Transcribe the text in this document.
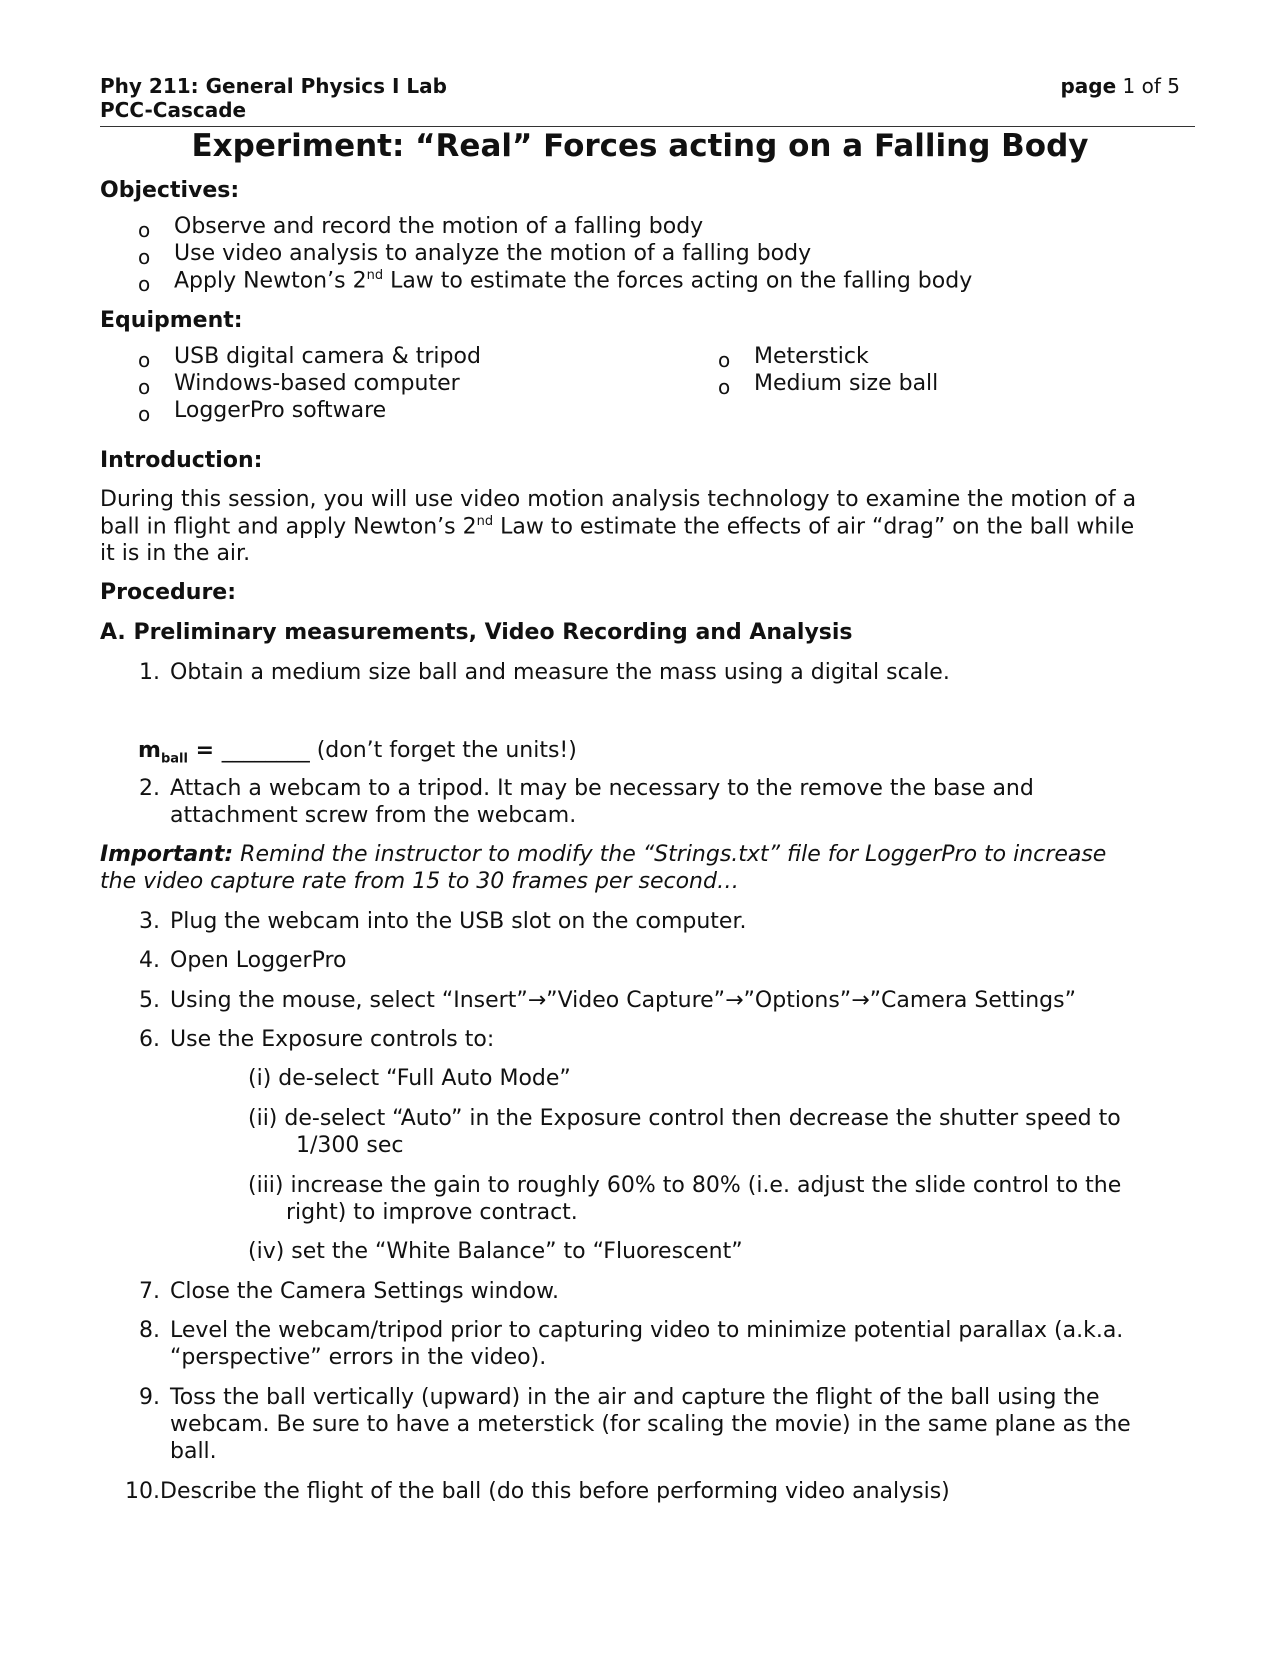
Phy 211: General Physics I Lab
PCC-Cascade
page 1 of 5
Experiment: “Real” Forces acting on a Falling Body
Objectives:
o Observe and record the motion of a falling body
o Use video analysis to analyze the motion of a falling body
o Apply Newton’s 2nd Law to estimate the forces acting on the falling body
Equipment:
o USB digital camera & tripod
o Windows-based computer
o LoggerPro software
o Meterstick
o Medium size ball
Introduction:
During this session, you will use video motion analysis technology to examine the motion of a
ball in flight and apply Newton’s 2nd Law to estimate the effects of air “drag” on the ball while
it is in the air.
Procedure:
A. Preliminary measurements, Video Recording and Analysis
1. Obtain a medium size ball and measure the mass using a digital scale.
$m_{ball}$ = ________ (don’t forget the units!)
2. Attach a webcam to a tripod. It may be necessary to the remove the base and
attachment screw from the webcam.
Important: Remind the instructor to modify the “Strings.txt” file for LoggerPro to increase
the video capture rate from 15 to 30 frames per second…
3. Plug the webcam into the USB slot on the computer.
4. Open LoggerPro
5. Using the mouse, select “Insert”→”Video Capture”→”Options”→”Camera Settings”
6. Use the Exposure controls to:
(i) de-select “Full Auto Mode”
(ii) de-select “Auto” in the Exposure control then decrease the shutter speed to
1/300 sec
(iii) increase the gain to roughly 60% to 80% (i.e. adjust the slide control to the
right) to improve contract.
(iv) set the “White Balance” to “Fluorescent”
7. Close the Camera Settings window.
8. Level the webcam/tripod prior to capturing video to minimize potential parallax (a.k.a.
“perspective” errors in the video).
9. Toss the ball vertically (upward) in the air and capture the flight of the ball using the
webcam. Be sure to have a meterstick (for scaling the movie) in the same plane as the
ball.
10.Describe the flight of the ball (do this before performing video analysis)
